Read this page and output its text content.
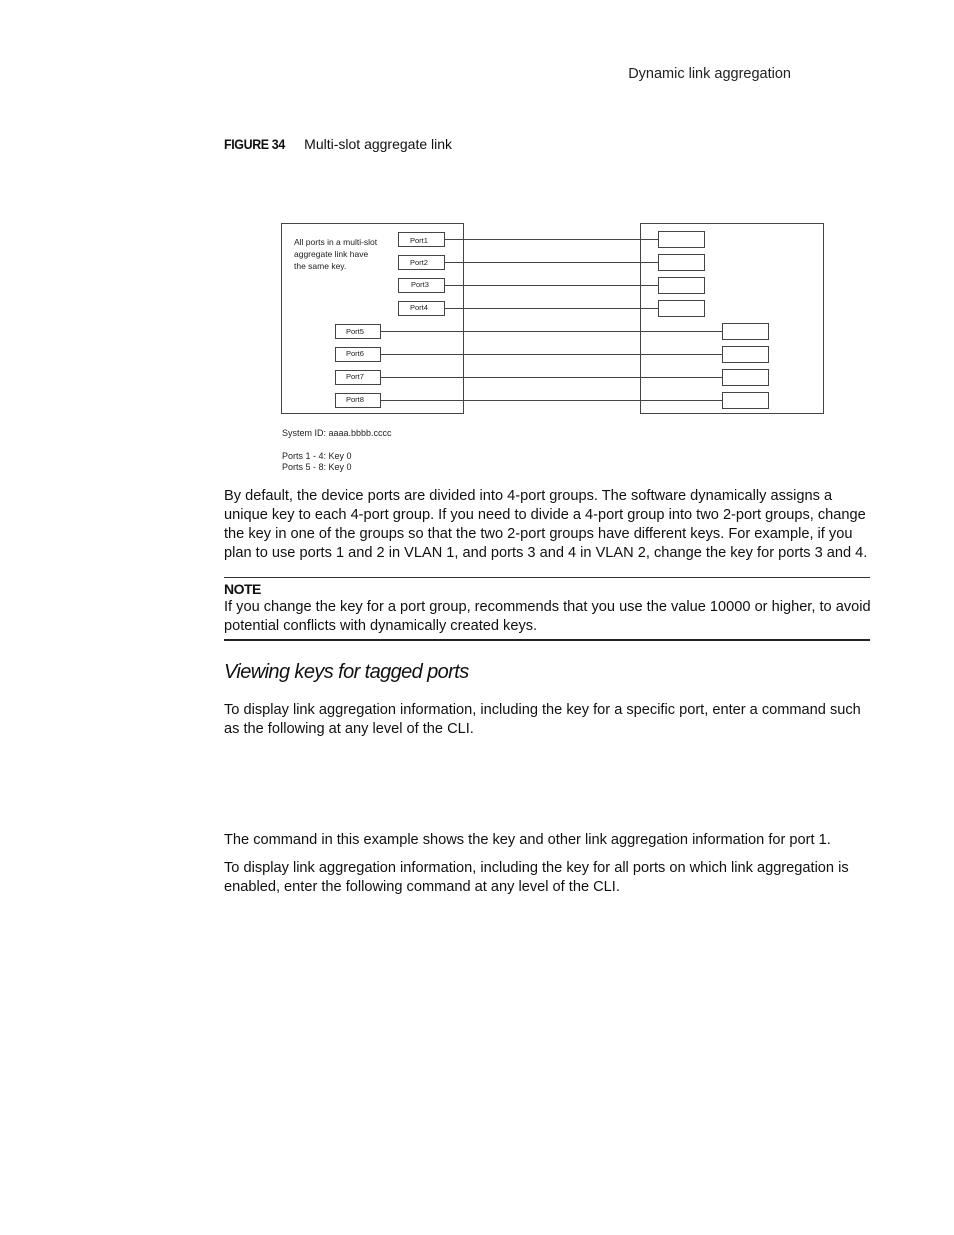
Dynamic link aggregation
FIGURE 34 Multi-slot aggregate link
All ports in a multi-slot
aggregate link have
the same key.
Port1
Port2
Port3
Port4
Port5
Port6
Port7
Port8
System ID: aaaa.bbbb.cccc
Ports 1 - 4: Key 0
Ports 5 - 8: Key 0
By default, the device ports are divided into 4-port groups. The software dynamically assigns a unique key to each 4-port group. If you need to divide a 4-port group into two 2-port groups, change the key in one of the groups so that the two 2-port groups have different keys. For example, if you plan to use ports 1 and 2 in VLAN 1, and ports 3 and 4 in VLAN 2, change the key for ports 3 and 4.
NOTE
If you change the key for a port group, recommends that you use the value 10000 or higher, to avoid potential conflicts with dynamically created keys.
Viewing keys for tagged ports
To display link aggregation information, including the key for a specific port, enter a command such as the following at any level of the CLI.
The command in this example shows the key and other link aggregation information for port 1.
To display link aggregation information, including the key for all ports on which link aggregation is enabled, enter the following command at any level of the CLI.
